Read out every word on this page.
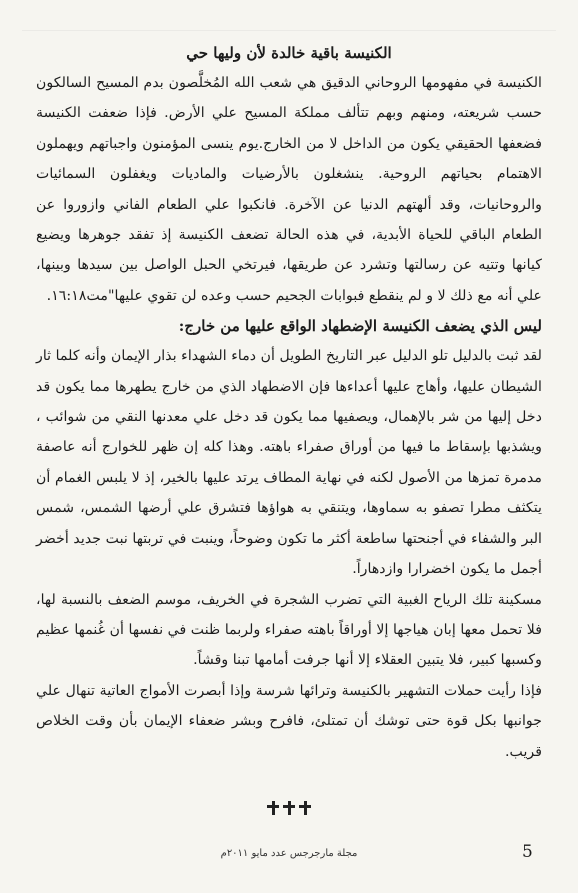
الكنيسة باقية خالدة لأن وليها حي

الكنيسة في مفهومها الروحاني الدقيق هي شعب الله المُخلَّصون بدم المسيح السالكون حسب شريعته، ومنهم وبهم تتألف مملكة المسيح علي الأرض. فإذا ضعفت الكنيسة فضعفها الحقيقي يكون من الداخل لا من الخارج.يوم ينسى المؤمنون واجباتهم ويهملون الاهتمام بحياتهم الروحية. ينشغلون بالأرضيات والماديات ويغفلون السمائيات والروحانيات، وقد ألهتهم الدنيا عن الآخرة. فانكبوا علي الطعام الفاني وازوروا عن الطعام الباقي للحياة الأبدية، في هذه الحالة تضعف الكنيسة إذ تفقد جوهرها ويضيع كيانها وتتيه عن رسالتها وتشرد عن طريقها، فيرتخي الحبل الواصل بين سيدها وبينها، علي أنه مع ذلك لا و لم ينقطع فبوابات الجحيم حسب وعده لن تقوي عليها"مت١٦:١٨.

ليس الذي يضعف الكنيسة الإضطهاد الواقع عليها من خارج:

لقد ثبت بالدليل تلو الدليل عبر التاريخ الطويل أن دماء الشهداء بذار الإيمان وأنه كلما ثار الشيطان عليها، وأهاج عليها أعداءها فإن الاضطهاد الذي من خارج يطهرها مما يكون قد دخل إليها من شر بالإهمال، ويصفيها مما يكون قد دخل علي معدنها النقي من شوائب ، ويشذبها بإسقاط ما فيها من أوراق صفراء باهته. وهذا كله إن ظهر للخوارج أنه عاصفة مدمرة تمزها من الأصول لكنه في نهاية المطاف يرتد عليها بالخير، إذ لا يلبس الغمام أن يتكثف مطرا تصفو به سماوها، ويتنقي به هواؤها فتشرق علي أرضها الشمس، شمس البر والشفاء في أجنحتها ساطعة أكثر ما تكون وضوحاً، وينبت في تربتها نبت جديد أخضر أجمل ما يكون اخضرارا وازدهاراً.

مسكينة تلك الرياح الغبية التي تضرب الشجرة في الخريف، موسم الضعف بالنسبة لها، فلا تحمل معها إبان هياجها إلا أوراقاً باهته صفراء ولربما ظنت في نفسها أن غُنمها عظيم وكسبها كبير، فلا يتبين العقلاء إلا أنها جرفت أمامها تبنا وقشاً.

فإذا رأيت حملات التشهير بالكنيسة وترائها شرسة وإذا أبصرت الأمواج العاتية تنهال علي جوانبها بكل قوة حتى توشك أن تمتلئ، فافرح وبشر ضعفاء الإيمان بأن وقت الخلاص قريب.

5
مجلة مارجرجس عدد مايو ٢٠١١م
